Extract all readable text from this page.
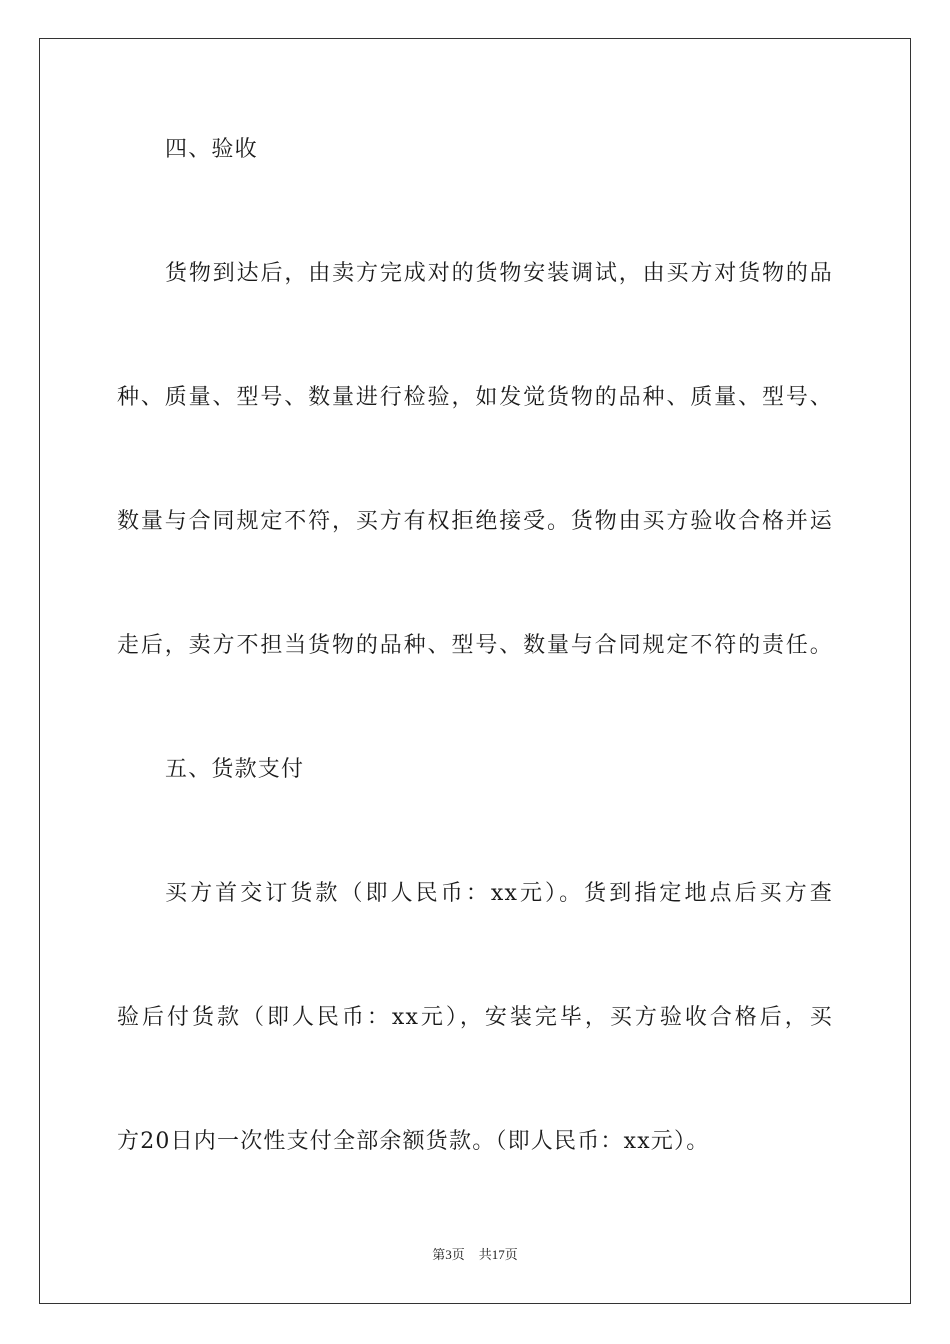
四、验收
货物到达后，由卖方完成对的货物安装调试，由买方对货物的品
种、质量、型号、数量进行检验，如发觉货物的品种、质量、型号、
数量与合同规定不符，买方有权拒绝接受。货物由买方验收合格并运
走后，卖方不担当货物的品种、型号、数量与合同规定不符的责任。
五、货款支付
买方首交订货款（即人民币：xx元）。货到指定地点后买方查
验后付货款（即人民币：xx元），安装完毕，买方验收合格后，买
方20日内一次性支付全部余额货款。（即人民币：xx元）。
第3页 共17页
